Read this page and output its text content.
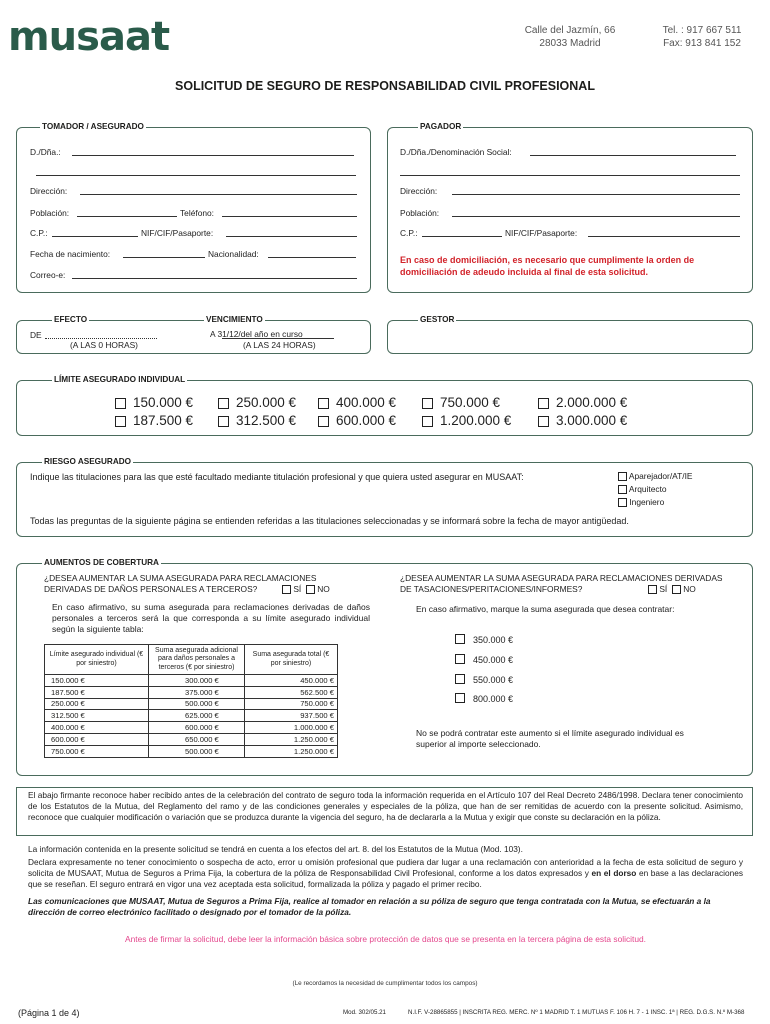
musaat	Calle del Jazmín, 66
28033 Madrid
Tel. : 917 667 511
Fax: 913 841 152
SOLICITUD DE SEGURO DE RESPONSABILIDAD CIVIL PROFESIONAL
TOMADOR / ASEGURADO
D./Dña.:
Dirección:
Población:	Teléfono:
C.P.:	NIF/CIF/Pasaporte:
Fecha de nacimiento:	Nacionalidad:
Correo-e:
PAGADOR
D./Dña./Denominación Social:
Dirección:
Población:
C.P.:	NIF/CIF/Pasaporte:
En caso de domiciliación, es necesario que cumplimente la orden de domiciliación de adeudo incluida al final de esta solicitud.
EFECTO	VENCIMIENTO
DE
(A LAS 0 HORAS)
A 31/12/del año en curso
(A LAS 24 HORAS)
GESTOR
LÍMITE ASEGURADO INDIVIDUAL
150.000 €
187.500 €
250.000 €
312.500 €
400.000 €
600.000 €
750.000 €
1.200.000 €
2.000.000 €
3.000.000 €
RIESGO ASEGURADO
Indique las titulaciones para las que esté facultado mediante titulación profesional y que quiera usted asegurar en MUSAAT:	Aparejador/AT/IE
Arquitecto
Ingeniero
Todas las preguntas de la siguiente página se entienden referidas a las titulaciones seleccionadas y se informará sobre la fecha de mayor antigüedad.
AUMENTOS DE COBERTURA
¿DESEA AUMENTAR LA SUMA ASEGURADA PARA RECLAMACIONES
DERIVADAS DE DAÑOS PERSONALES A TERCEROS?	SÍ NO
En caso afirmativo, su suma asegurada para reclamaciones derivadas de daños personales a terceros será la que corresponda a su límite asegurado individual según la siguiente tabla:
Límite asegurado individual (€ por siniestro)	Suma asegurada adicional para daños personales a terceros (€ por siniestro)	Suma asegurada total (€ por siniestro)
150.000 €	300.000 €	450.000 €
187.500 €	375.000 €	562.500 €
250.000 €	500.000 €	750.000 €
312.500 €	625.000 €	937.500 €
400.000 €	600.000 €	1.000.000 €
600.000 €	650.000 €	1.250.000 €
750.000 €	500.000 €	1.250.000 €
¿DESEA AUMENTAR LA SUMA ASEGURADA PARA RECLAMACIONES DERIVADAS
DE TASACIONES/PERITACIONES/INFORMES?	SÍ NO
En caso afirmativo, marque la suma asegurada que desea contratar:
350.000 €
450.000 €
550.000 €
800.000 €
No se podrá contratar este aumento si el límite asegurado individual es superior al importe seleccionado.
El abajo firmante reconoce haber recibido antes de la celebración del contrato de seguro toda la información requerida en el Artículo 107 del Real Decreto 2486/1998. Declara tener conocimiento de los Estatutos de la Mutua, del Reglamento del ramo y de las condiciones generales y especiales de la póliza, que han de ser remitidas de acuerdo con la presente solicitud. Asimismo, reconoce que cualquier modificación o variación que se produzca durante la vigencia del seguro, ha de declararla a la Mutua y exigir que conste su declaración en la póliza.
La información contenida en la presente solicitud se tendrá en cuenta a los efectos del art. 8. del los Estatutos de la Mutua (Mod. 103).
Declara expresamente no tener conocimiento o sospecha de acto, error u omisión profesional que pudiera dar lugar a una reclamación con anterioridad a la fecha de esta solicitud de seguro y solicita de MUSAAT, Mutua de Seguros a Prima Fija, la cobertura de la póliza de Responsabilidad Civil Profesional, conforme a los datos expresados y en el dorso en base a las declaraciones que se reseñan. El seguro entrará en vigor una vez aceptada esta solicitud, formalizada la póliza y pagado el primer recibo.
Las comunicaciones que MUSAAT, Mutua de Seguros a Prima Fija, realice al tomador en relación a su póliza de seguro que tenga contratada con la Mutua, se efectuarán a la dirección de correo electrónico facilitado o designado por el tomador de la póliza.
Antes de firmar la solicitud, debe leer la información básica sobre protección de datos que se presenta en la tercera página de esta solicitud.
(Le recordamos la necesidad de cumplimentar todos los campos)
(Página 1 de 4)	Mod. 302/05.21	N.I.F. V-28865855 | INSCRITA REG. MERC. Nº 1 MADRID T. 1 MUTUAS F. 106 H. 7 - 1 INSC. 1ª | REG. D.G.S. N.º M-368
